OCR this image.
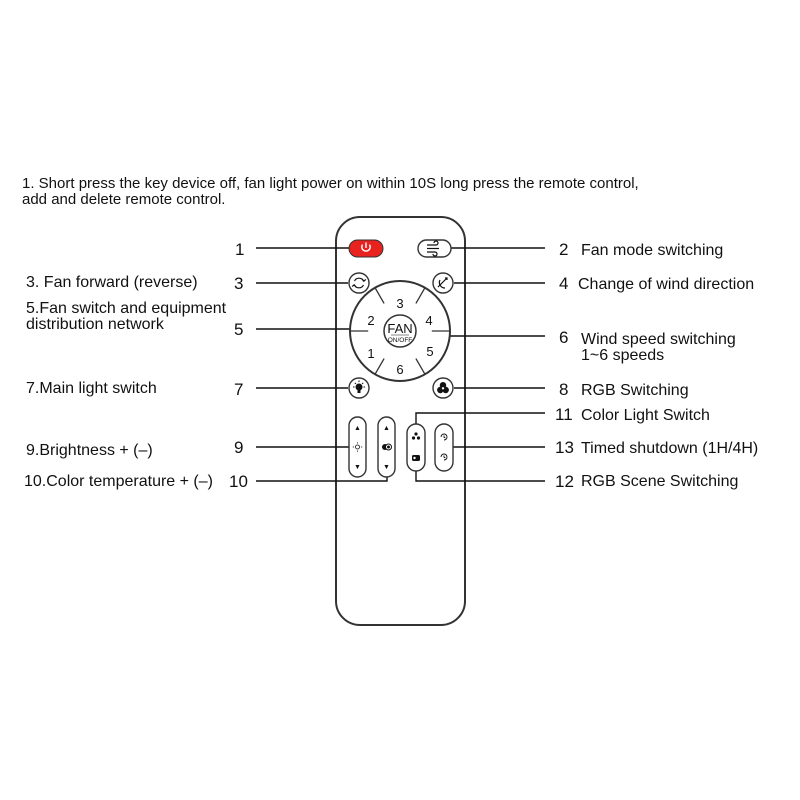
1. Short press the key device off, fan light power on within 10S long press the remote control,
add and delete remote control.

3
2	4
1	5
6
FAN
ON/OFF
▲
▼
▲
▼
1	2
3	4
5	6
7	8
9
10
11
12
13
Fan mode switching
3. Fan forward (reverse)	Change of wind direction
5.Fan switch and equipment
distribution network
Wind speed switching
1~6 speeds
7.Main light switch	RGB Switching
9.Brightness + (–)
10.Color temperature + (–)
Color Light Switch
RGB Scene Switching
Timed shutdown (1H/4H)
